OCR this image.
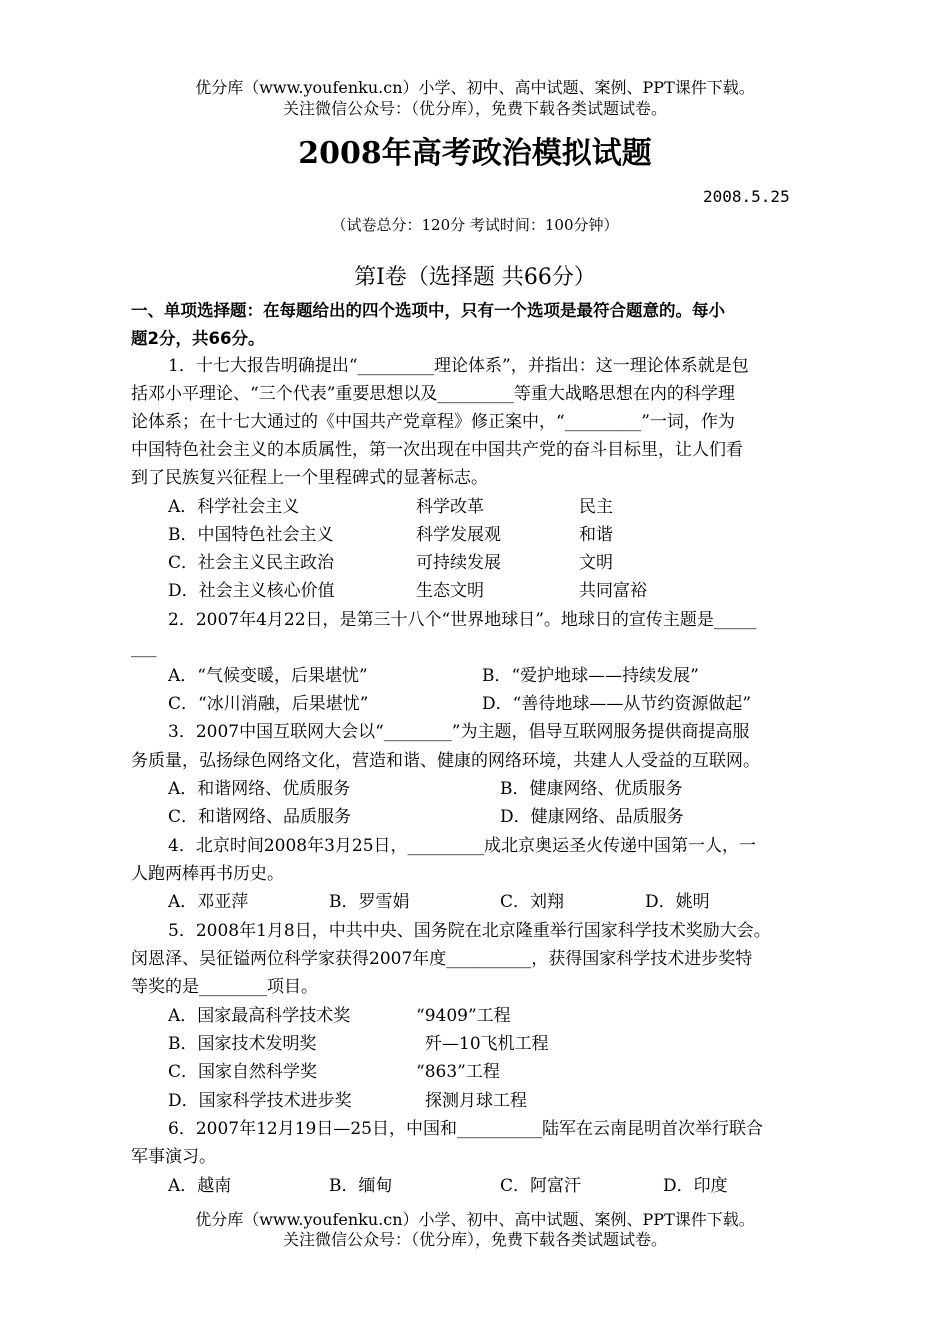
优分库（www.youfenku.cn）小学、初中、高中试题、案例、PPT课件下载。
关注微信公众号：（优分库），免费下载各类试题试卷。
2008年高考政治模拟试题
2008.5.25
（试卷总分：120分 考试时间：100分钟）
第I卷（选择题 共66分）
一、单项选择题：在每题给出的四个选项中，只有一个选项是最符合题意的。每小
题2分，共66分。
1．十七大报告明确提出“_________理论体系”，并指出：这一理论体系就是包
括邓小平理论、“三个代表”重要思想以及_________等重大战略思想在内的科学理
论体系；在十七大通过的《中国共产党章程》修正案中，“_________”一词，作为
中国特色社会主义的本质属性，第一次出现在中国共产党的奋斗目标里，让人们看
到了民族复兴征程上一个里程碑式的显著标志。
A．科学社会主义	科学改革	民主
B．中国特色社会主义	科学发展观	和谐
C．社会主义民主政治	可持续发展	文明
D．社会主义核心价值	生态文明	共同富裕
2．2007年4月22日，是第三十八个“世界地球日”。地球日的宣传主题是_____
___
A．“气候变暖，后果堪忧”	B．“爱护地球——持续发展”
C．“冰川消融，后果堪忧”	D．“善待地球——从节约资源做起”
3．2007中国互联网大会以“________”为主题，倡导互联网服务提供商提高服
务质量，弘扬绿色网络文化，营造和谐、健康的网络环境，共建人人受益的互联网。
A．和谐网络、优质服务	B．健康网络、优质服务
C．和谐网络、品质服务	D．健康网络、品质服务
4．北京时间2008年3月25日，_________成北京奥运圣火传递中国第一人，一
人跑两棒再书历史。
A．邓亚萍	B．罗雪娟	C．刘翔	D．姚明
5．2008年1月8日，中共中央、国务院在北京隆重举行国家科学技术奖励大会。
闵恩泽、吴征镒两位科学家获得2007年度__________，获得国家科学技术进步奖特
等奖的是________项目。
A．国家最高科学技术奖	“9409”工程
B．国家技术发明奖	歼—10飞机工程
C．国家自然科学奖	“863”工程
D．国家科学技术进步奖	探测月球工程
6．2007年12月19日—25日，中国和__________陆军在云南昆明首次举行联合
军事演习。
A．越南	B．缅甸	C．阿富汗	D．印度
优分库（www.youfenku.cn）小学、初中、高中试题、案例、PPT课件下载。
关注微信公众号：（优分库），免费下载各类试题试卷。
